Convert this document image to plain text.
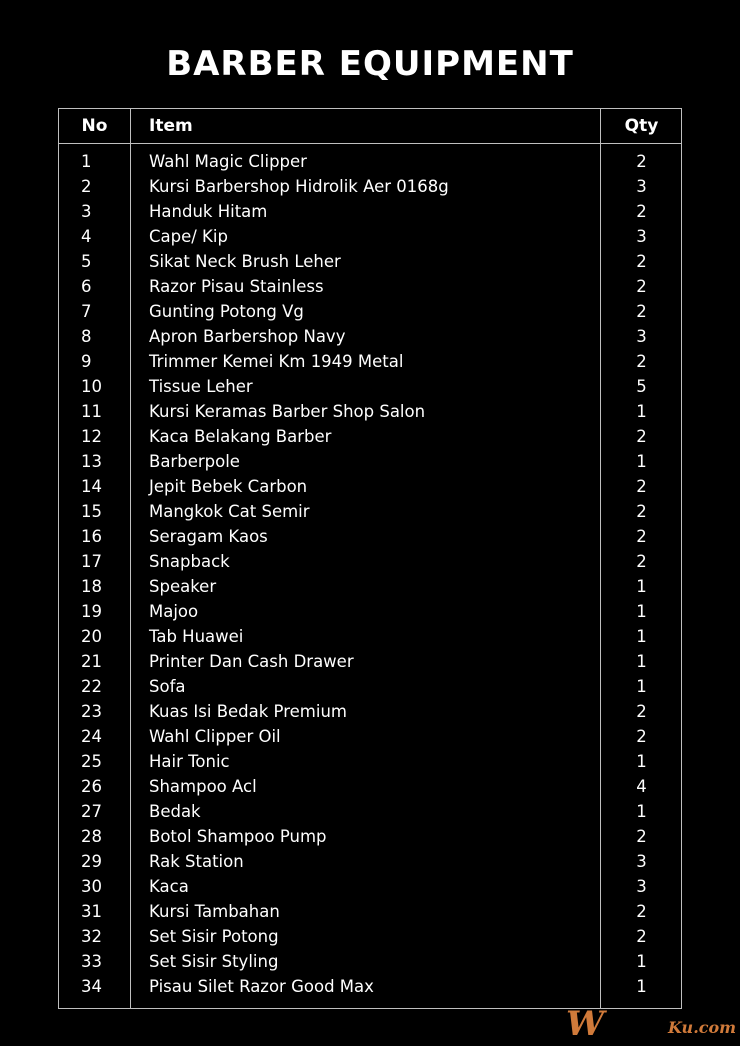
BARBER EQUIPMENT
No	Item	Qty
1	Wahl Magic Clipper	2
2	Kursi Barbershop Hidrolik Aer 0168g	3
3	Handuk Hitam	2
4	Cape/ Kip	3
5	Sikat Neck Brush Leher	2
6	Razor Pisau Stainless	2
7	Gunting Potong Vg	2
8	Apron Barbershop Navy	3
9	Trimmer Kemei Km 1949 Metal	2
10	Tissue Leher	5
11	Kursi Keramas Barber Shop Salon	1
12	Kaca Belakang Barber	2
13	Barberpole	1
14	Jepit Bebek Carbon	2
15	Mangkok Cat Semir	2
16	Seragam Kaos	2
17	Snapback	2
18	Speaker	1
19	Majoo	1
20	Tab Huawei	1
21	Printer Dan Cash Drawer	1
22	Sofa	1
23	Kuas Isi Bedak Premium	2
24	Wahl Clipper Oil	2
25	Hair Tonic	1
26	Shampoo Acl	4
27	Bedak	1
28	Botol Shampoo Pump	2
29	Rak Station	3
30	Kaca	3
31	Kursi Tambahan	2
32	Set Sisir Potong	2
33	Set Sisir Styling	1
34	Pisau Silet Razor Good Max	1
W	Ku.com
